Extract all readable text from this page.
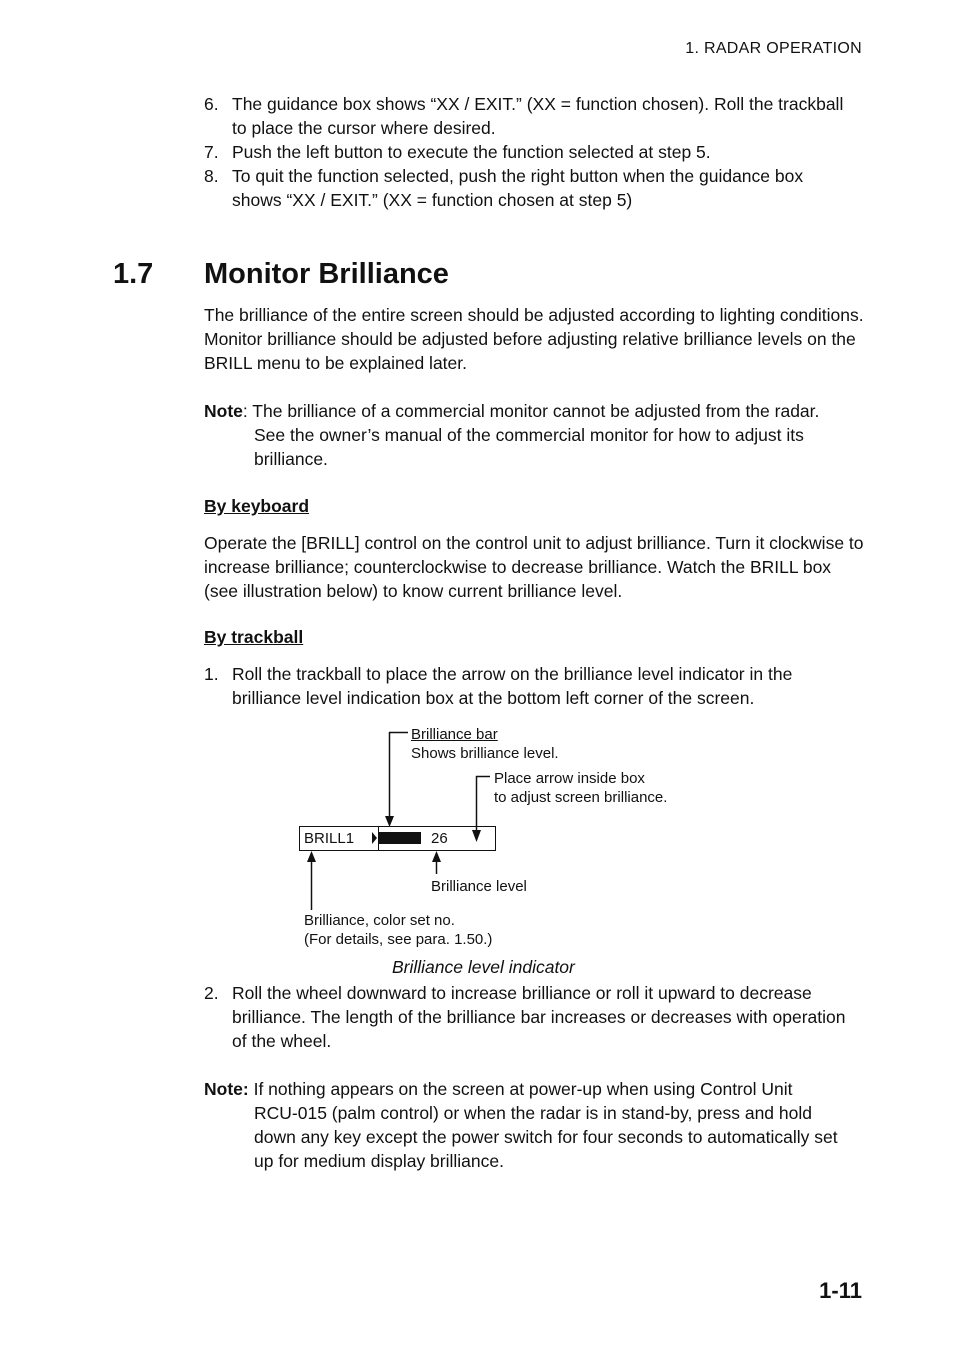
1. RADAR OPERATION
6. The guidance box shows “XX / EXIT.” (XX = function chosen). Roll the trackball to place the cursor where desired.
7. Push the left button to execute the function selected at step 5.
8. To quit the function selected, push the right button when the guidance box shows “XX / EXIT.” (XX = function chosen at step 5)
1.7 Monitor Brilliance
The brilliance of the entire screen should be adjusted according to lighting conditions. Monitor brilliance should be adjusted before adjusting relative brilliance levels on the BRILL menu to be explained later.
Note: The brilliance of a commercial monitor cannot be adjusted from the radar.
See the owner’s manual of the commercial monitor for how to adjust its brilliance.
By keyboard
Operate the [BRILL] control on the control unit to adjust brilliance. Turn it clockwise to increase brilliance; counterclockwise to decrease brilliance. Watch the BRILL box (see illustration below) to know current brilliance level.
By trackball
1. Roll the trackball to place the arrow on the brilliance level indicator in the brilliance level indication box at the bottom left corner of the screen.
BRILL1	26
Brilliance bar
Shows brilliance level.
Place arrow inside box
to adjust screen brilliance.
Brilliance level
Brilliance, color set no.
(For details, see para. 1.50.)
Brilliance level indicator
2. Roll the wheel downward to increase brilliance or roll it upward to decrease brilliance. The length of the brilliance bar increases or decreases with operation of the wheel.
Note: If nothing appears on the screen at power-up when using Control Unit
RCU-015 (palm control) or when the radar is in stand-by, press and hold down any key except the power switch for four seconds to automatically set up for medium display brilliance.
1-11
